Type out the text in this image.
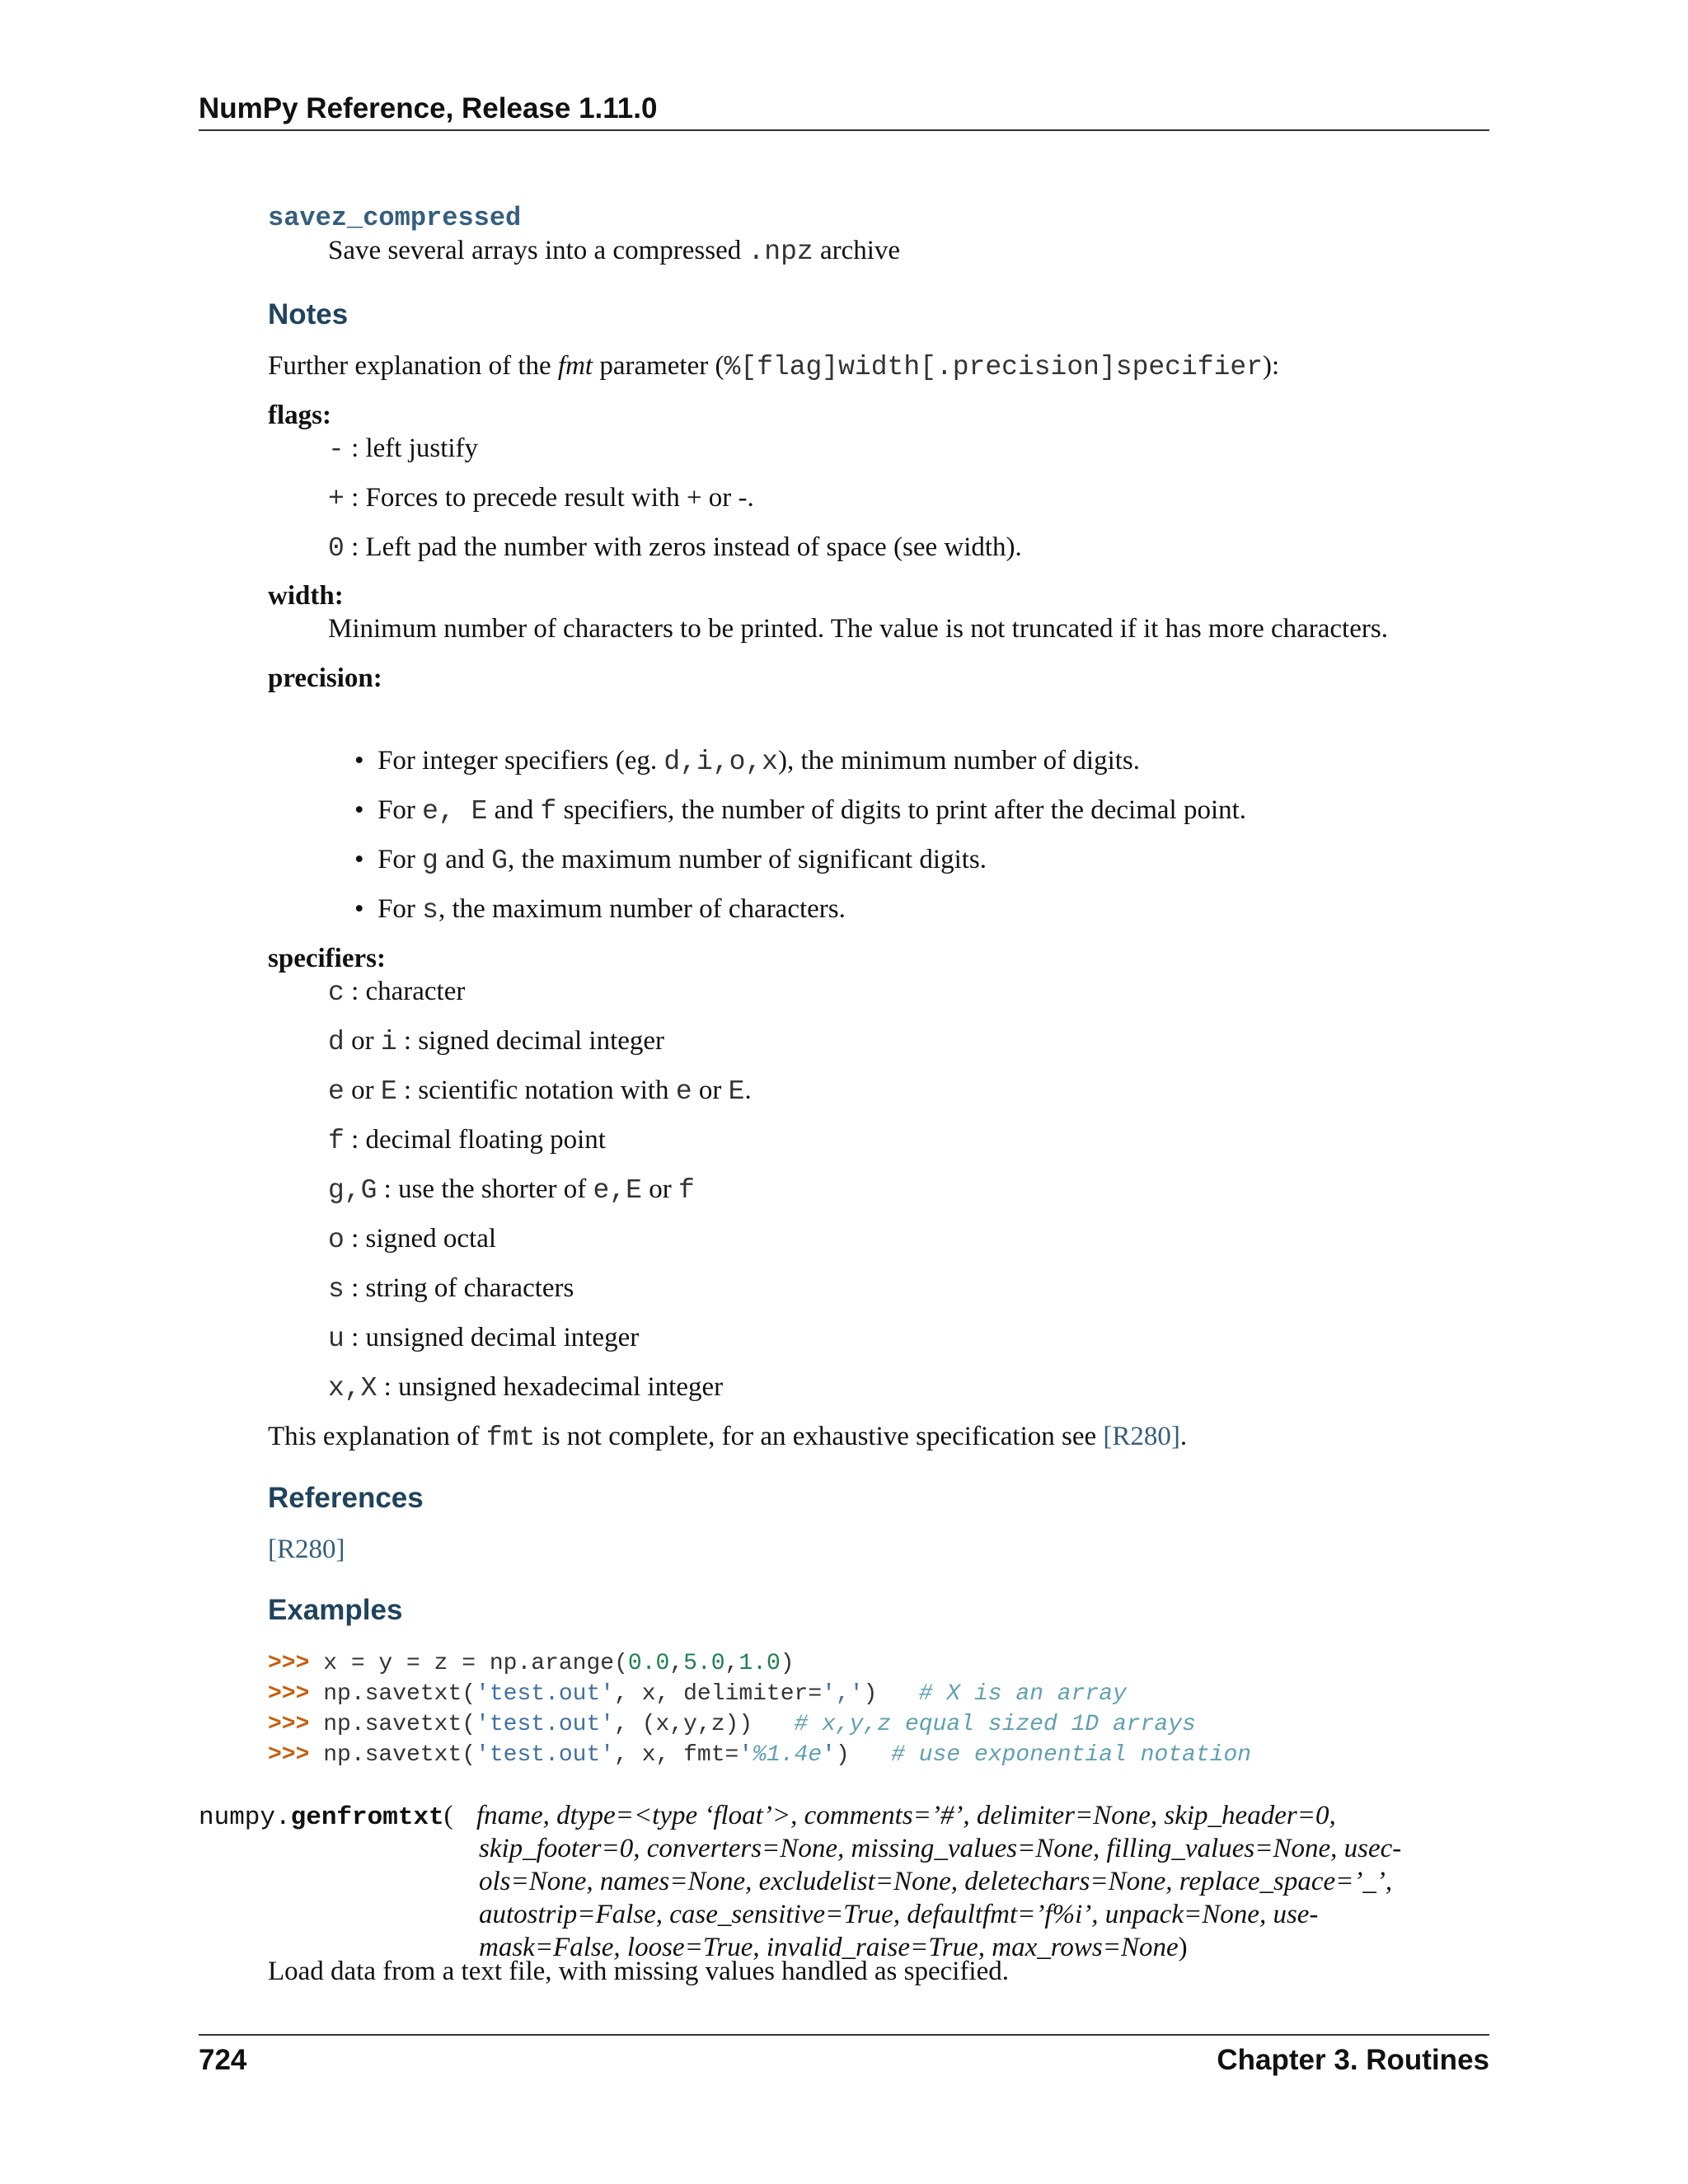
NumPy Reference, Release 1.11.0
savez_compressed
Save several arrays into a compressed .npz archive
Notes
Further explanation of the fmt parameter (%[flag]width[.precision]specifier):
flags:
- : left justify
+ : Forces to precede result with + or -.
0 : Left pad the number with zeros instead of space (see width).
width:
Minimum number of characters to be printed. The value is not truncated if it has more characters.
precision:
•  For integer specifiers (eg. d,i,o,x), the minimum number of digits.
•  For e, E and f specifiers, the number of digits to print after the decimal point.
•  For g and G, the maximum number of significant digits.
•  For s, the maximum number of characters.
specifiers:
c : character
d or i : signed decimal integer
e or E : scientific notation with e or E.
f : decimal floating point
g,G : use the shorter of e,E or f
o : signed octal
s : string of characters
u : unsigned decimal integer
x,X : unsigned hexadecimal integer
This explanation of fmt is not complete, for an exhaustive specification see [R280].
References
[R280]
Examples
>>> x = y = z = np.arange(0.0,5.0,1.0)
>>> np.savetxt('test.out', x, delimiter=',')   # X is an array
>>> np.savetxt('test.out', (x,y,z))   # x,y,z equal sized 1D arrays
>>> np.savetxt('test.out', x, fmt='%1.4e')   # use exponential notation
numpy.genfromtxt( fname, dtype=<type ‘float’>, comments=’#’, delimiter=None, skip_header=0,
skip_footer=0, converters=None, missing_values=None, filling_values=None, usec-
ols=None, names=None, excludelist=None, deletechars=None, replace_space=’_’,
autostrip=False, case_sensitive=True, defaultfmt=’f%i’, unpack=None, use-
mask=False, loose=True, invalid_raise=True, max_rows=None)
Load data from a text file, with missing values handled as specified.
724	Chapter 3. Routines
